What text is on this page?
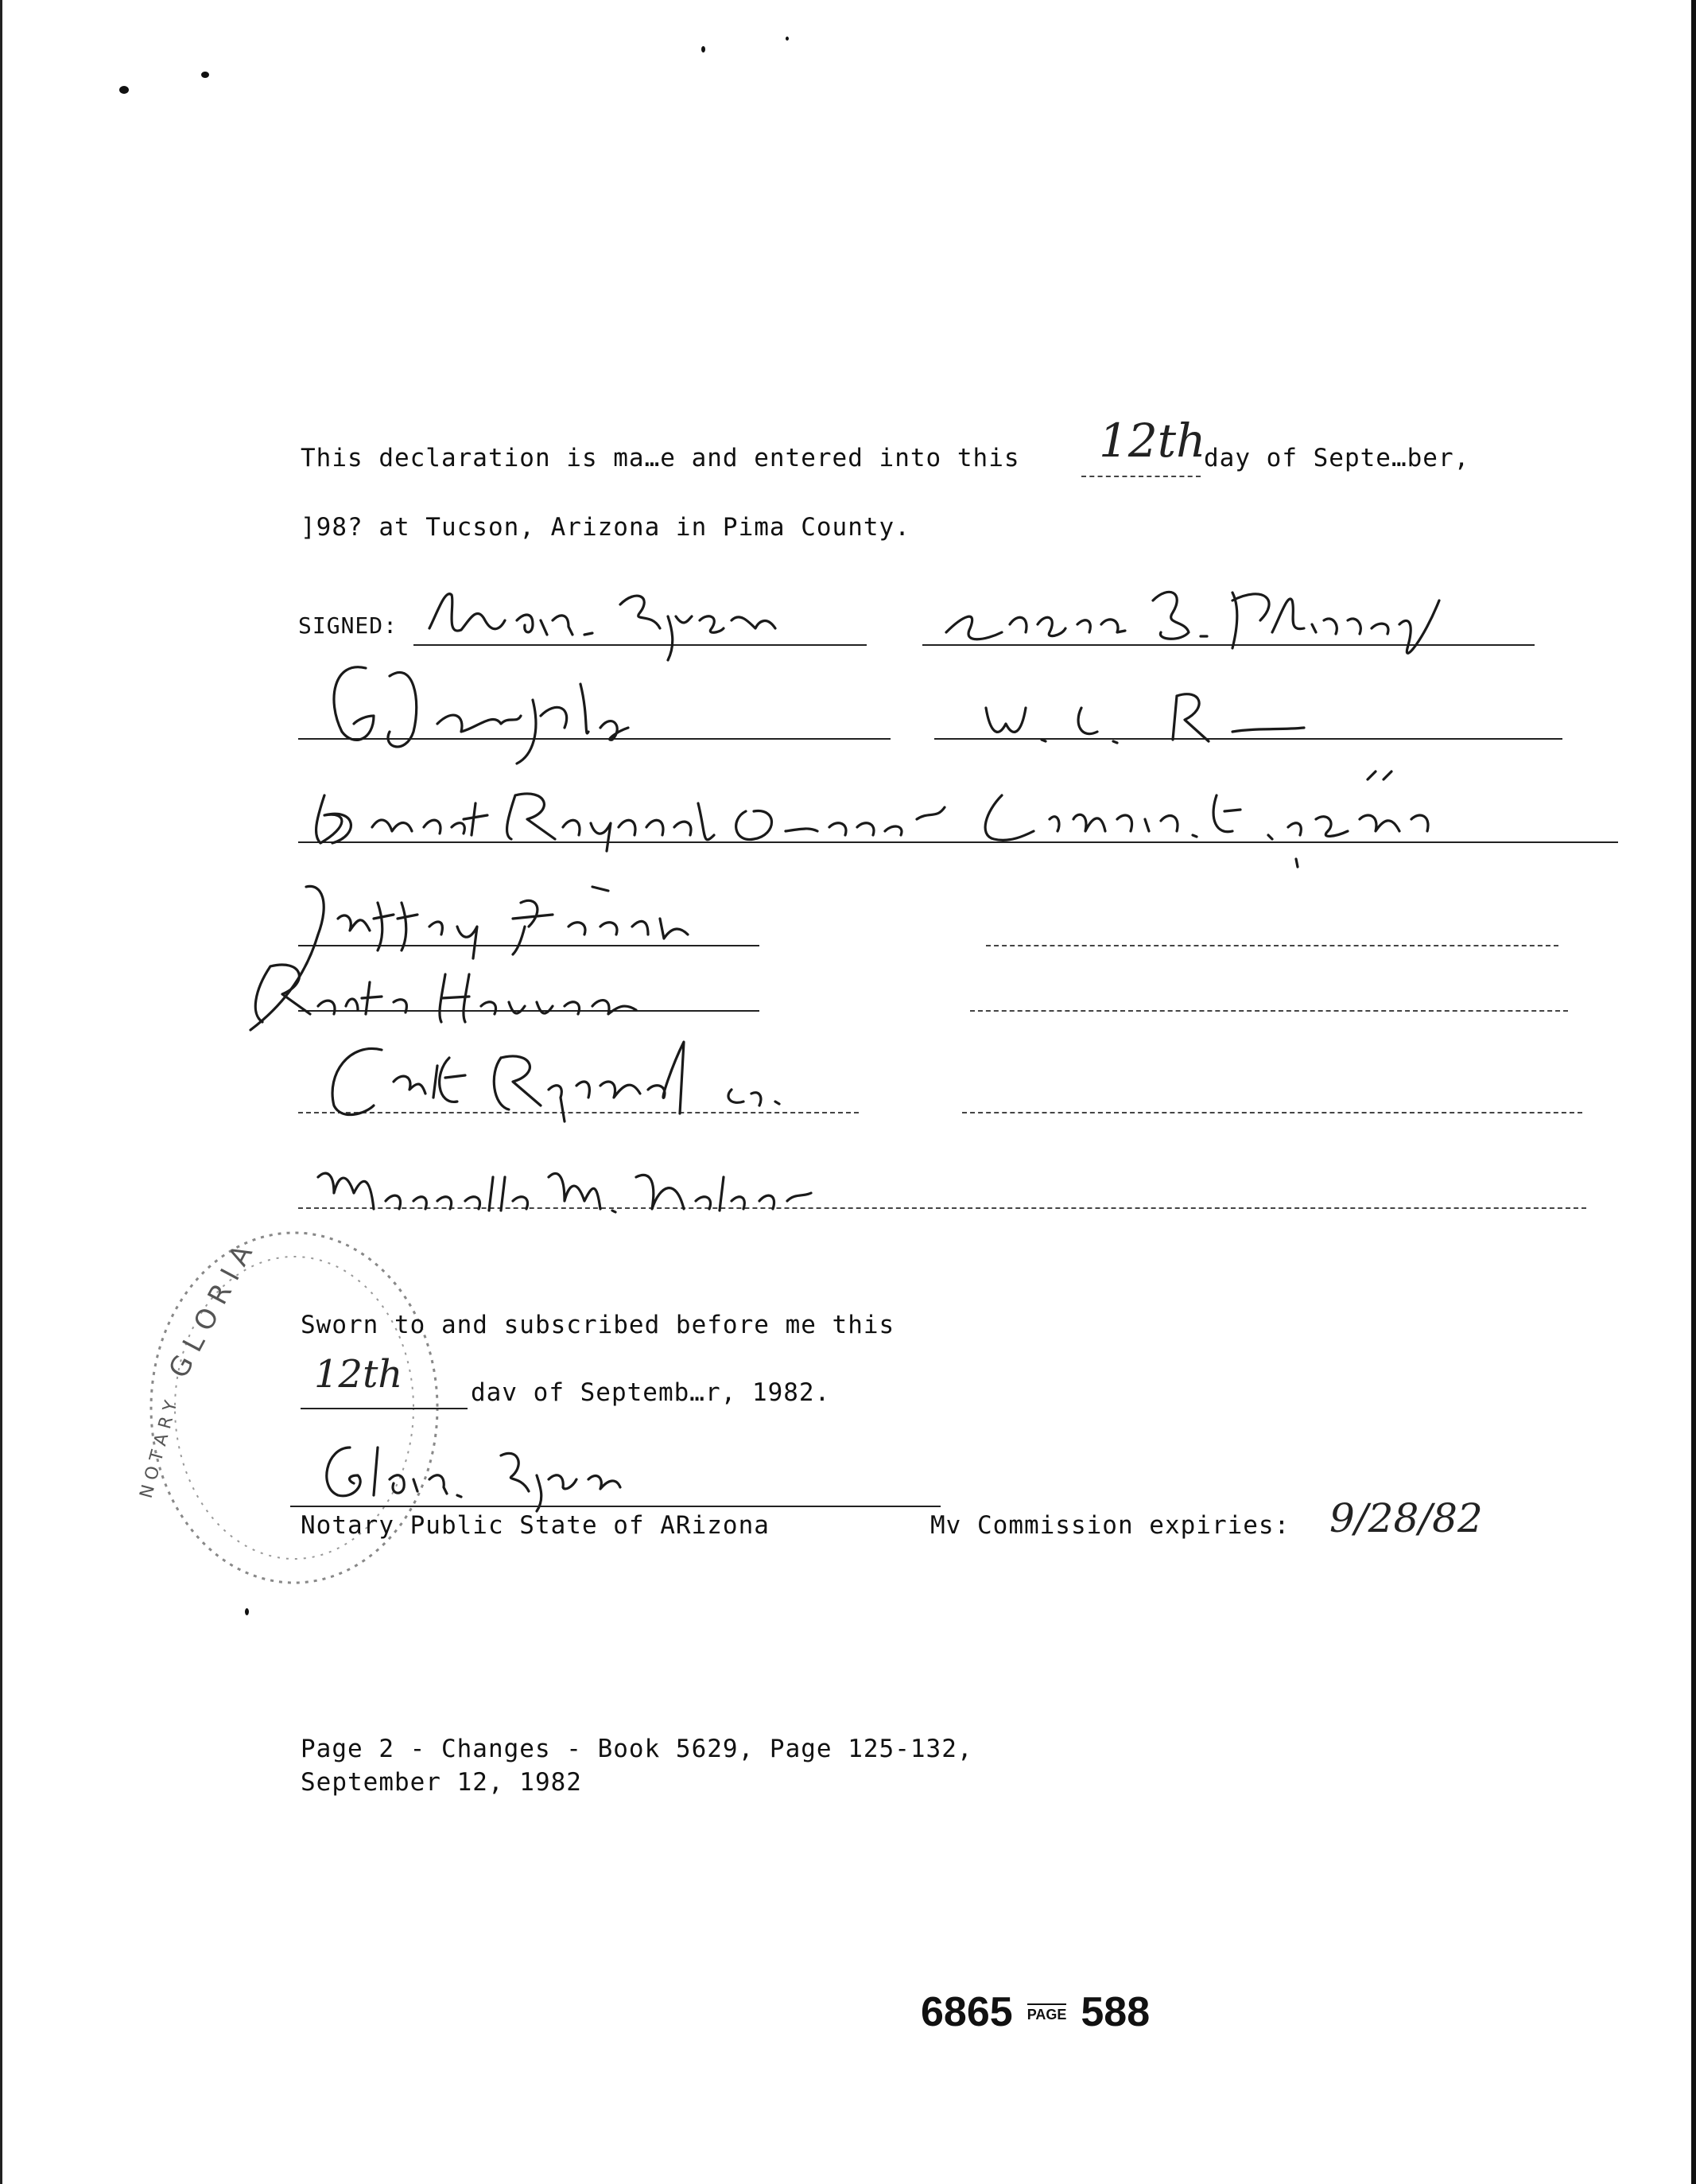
This declaration is ma…e and entered into this 12th
day of Septe…ber,
]98? at Tucson, Arizona in Pima County.
SIGNED:
G L O R I A
N O T A R Y
Sworn to and subscribed before me this
12th	dav of Septemb…r, 1982.
Notary Public State of ARizona	Mv Commission expiries: 9/28/82
Page 2 - Changes - Book 5629, Page 125-132,
September 12, 1982
6865 PAGE 588
